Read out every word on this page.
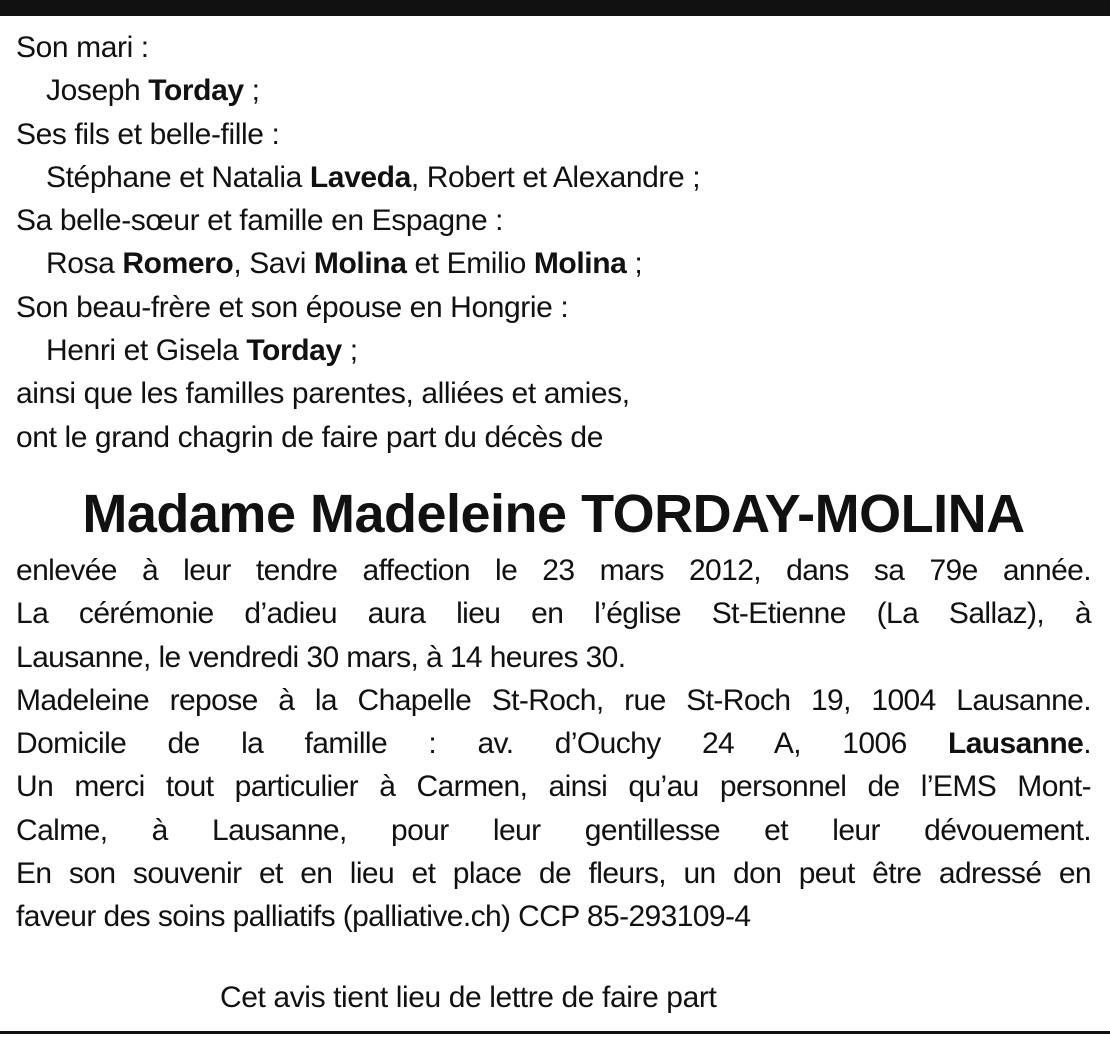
Son mari :
Joseph Torday ;
Ses fils et belle-fille :
Stéphane et Natalia Laveda, Robert et Alexandre ;
Sa belle-sœur et famille en Espagne :
Rosa Romero, Savi Molina et Emilio Molina ;
Son beau-frère et son épouse en Hongrie :
Henri et Gisela Torday ;
ainsi que les familles parentes, alliées et amies,
ont le grand chagrin de faire part du décès de
Madame Madeleine TORDAY-MOLINA
enlevée à leur tendre affection le 23 mars 2012, dans sa 79e année.
La cérémonie d’adieu aura lieu en l’église St-Etienne (La Sallaz), à
Lausanne, le vendredi 30 mars, à 14 heures 30.
Madeleine repose à la Chapelle St-Roch, rue St-Roch 19, 1004 Lausanne.
Domicile de la famille : av. d’Ouchy 24 A, 1006 Lausanne.
Un merci tout particulier à Carmen, ainsi qu’au personnel de l’EMS Mont-
Calme, à Lausanne, pour leur gentillesse et leur dévouement.
En son souvenir et en lieu et place de fleurs, un don peut être adressé en
faveur des soins palliatifs (palliative.ch) CCP 85-293109-4
Cet avis tient lieu de lettre de faire part
